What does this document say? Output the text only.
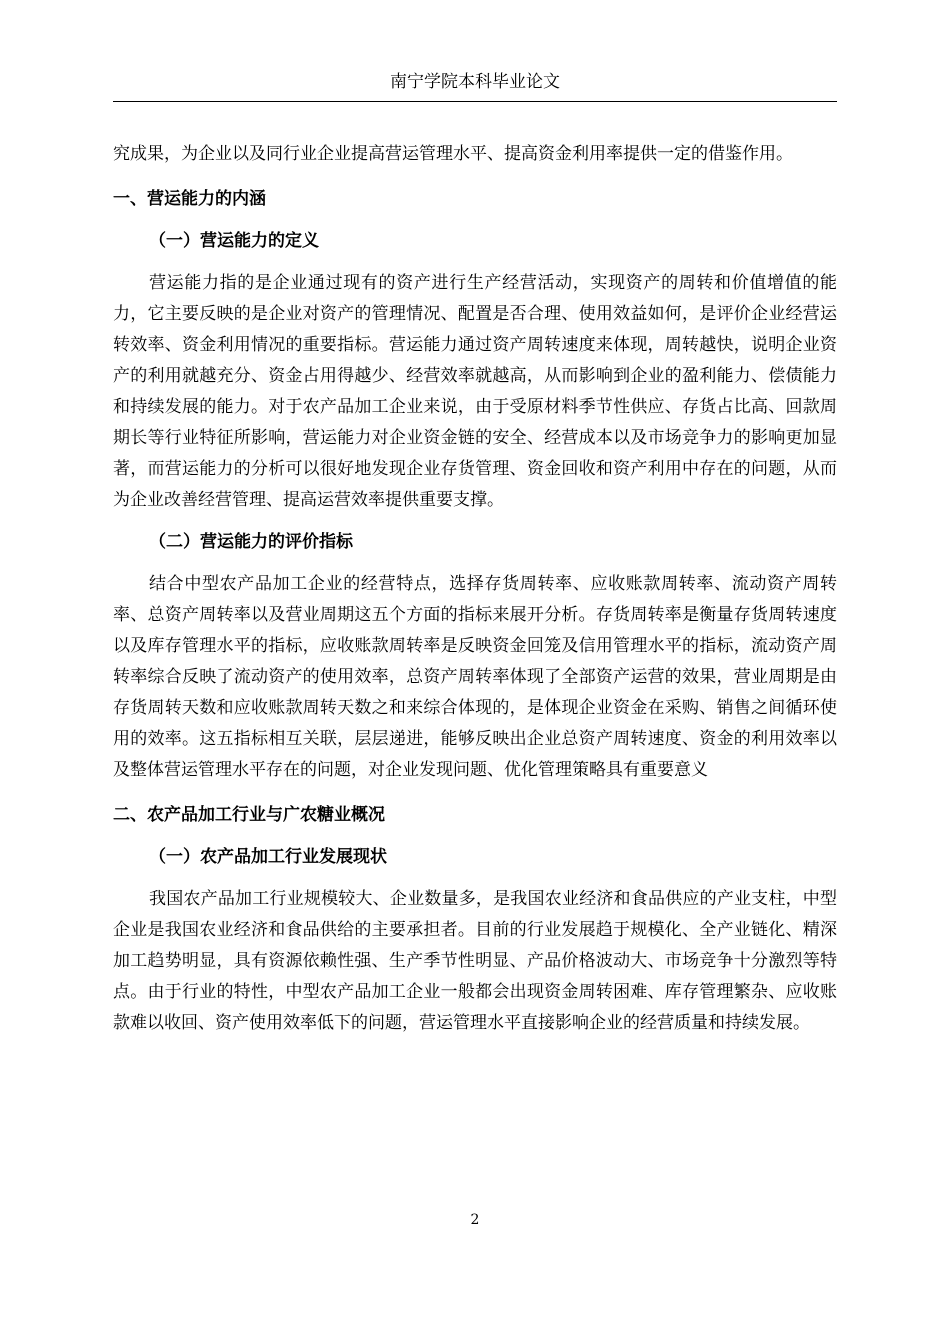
南宁学院本科毕业论文

究成果，为企业以及同行业企业提高营运管理水平、提高资金利用率提供一定的借鉴作用。

一、营运能力的内涵

（一）营运能力的定义

营运能力指的是企业通过现有的资产进行生产经营活动，实现资产的周转和价值增值的能力，它主要反映的是企业对资产的管理情况、配置是否合理、使用效益如何，是评价企业经营运转效率、资金利用情况的重要指标。营运能力通过资产周转速度来体现，周转越快，说明企业资产的利用就越充分、资金占用得越少、经营效率就越高，从而影响到企业的盈利能力、偿债能力和持续发展的能力。对于农产品加工企业来说，由于受原材料季节性供应、存货占比高、回款周期长等行业特征所影响，营运能力对企业资金链的安全、经营成本以及市场竞争力的影响更加显著，而营运能力的分析可以很好地发现企业存货管理、资金回收和资产利用中存在的问题，从而为企业改善经营管理、提高运营效率提供重要支撑。

（二）营运能力的评价指标

结合中型农产品加工企业的经营特点，选择存货周转率、应收账款周转率、流动资产周转率、总资产周转率以及营业周期这五个方面的指标来展开分析。存货周转率是衡量存货周转速度以及库存管理水平的指标，应收账款周转率是反映资金回笼及信用管理水平的指标，流动资产周转率综合反映了流动资产的使用效率，总资产周转率体现了全部资产运营的效果，营业周期是由存货周转天数和应收账款周转天数之和来综合体现的，是体现企业资金在采购、销售之间循环使用的效率。这五指标相互关联，层层递进，能够反映出企业总资产周转速度、资金的利用效率以及整体营运管理水平存在的问题，对企业发现问题、优化管理策略具有重要意义

二、农产品加工行业与广农糖业概况

（一）农产品加工行业发展现状

我国农产品加工行业规模较大、企业数量多，是我国农业经济和食品供应的产业支柱，中型企业是我国农业经济和食品供给的主要承担者。目前的行业发展趋于规模化、全产业链化、精深加工趋势明显，具有资源依赖性强、生产季节性明显、产品价格波动大、市场竞争十分激烈等特点。由于行业的特性，中型农产品加工企业一般都会出现资金周转困难、库存管理繁杂、应收账款难以收回、资产使用效率低下的问题，营运管理水平直接影响企业的经营质量和持续发展。

2
